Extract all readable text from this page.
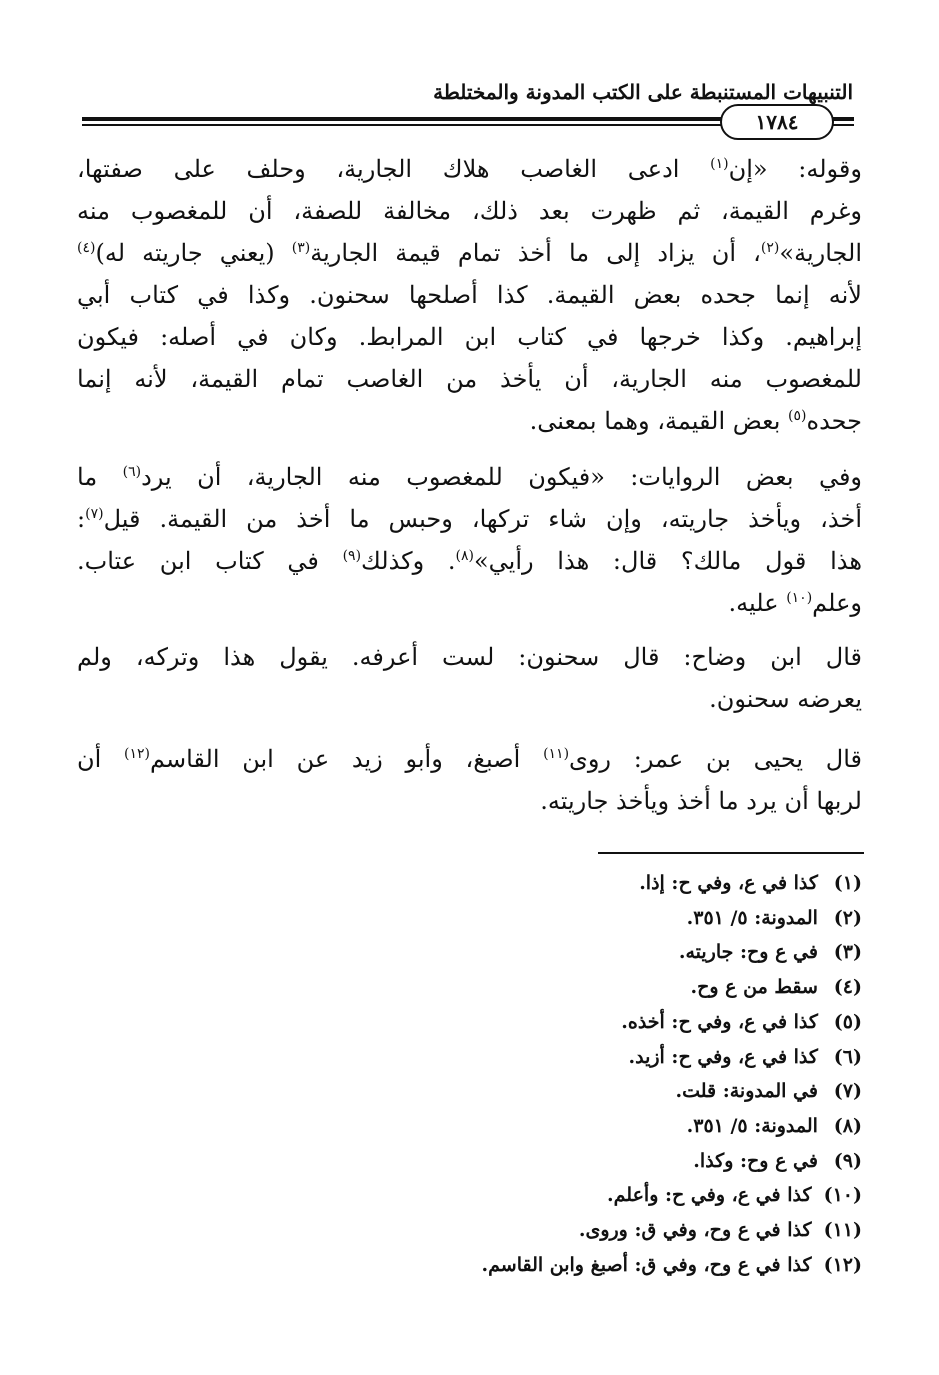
التنبيهات المستنبطة على الكتب المدونة والمختلطة
١٧٨٤
وقوله: «إن$^{(١)}$ ادعى الغاصب هلاك الجارية، وحلف على صفتها،
وغرم القيمة، ثم ظهرت بعد ذلك، مخالفة للصفة، أن للمغصوب منه
الجارية»$^{(٢)}$، أن يزاد إلى ما أخذ تمام قيمة الجارية$^{(٣)}$ (يعني جاريته له)$^{(٤)}$
لأنه إنما جحده بعض القيمة. كذا أصلحها سحنون. وكذا في كتاب أبي
إبراهيم. وكذا خرجها في كتاب ابن المرابط. وكان في أصله: فيكون
للمغصوب منه الجارية، أن يأخذ من الغاصب تمام القيمة، لأنه إنما
جحده$^{(٥)}$ بعض القيمة، وهما بمعنى.
وفي بعض الروايات: «فيكون للمغصوب منه الجارية، أن يرد$^{(٦)}$ ما
أخذ، ويأخذ جاريته، وإن شاء تركها، وحبس ما أخذ من القيمة. قيل$^{(٧)}$:
هذا قول مالك؟ قال: هذا رأيي»$^{(٨)}$. وكذلك$^{(٩)}$ في كتاب ابن عتاب.
وعلم$^{(١٠)}$ عليه.
قال ابن وضاح: قال سحنون: لست أعرفه. يقول هذا وتركه، ولم
يعرضه سحنون.
قال يحيى بن عمر: روى$^{(١١)}$ أصبغ، وأبو زيد عن ابن القاسم$^{(١٢)}$ أن
لربها أن يرد ما أخذ ويأخذ جاريته.
(١) كذا في ع، وفي ح: إذا.
(٢) المدونة: ٥/ ٣٥١.
(٣) في ع وح: جاريته.
(٤) سقط من ع وح.
(٥) كذا في ع، وفي ح: أخذه.
(٦) كذا في ع، وفي ح: أزيد.
(٧) في المدونة: قلت.
(٨) المدونة: ٥/ ٣٥١.
(٩) في ع وح: وكذا.
(١٠) كذا في ع، وفي ح: وأعلم.
(١١) كذا في ع وح، وفي ق: وروى.
(١٢) كذا في ع وح، وفي ق: أصبغ وابن القاسم.
